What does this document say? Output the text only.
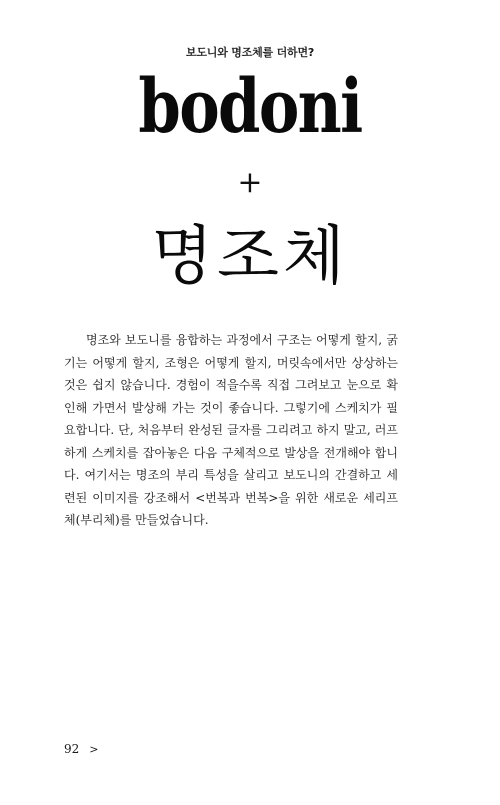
보도니와 명조체를 더하면?
bodoni
+
명조체

명조와 보도니를 융합하는 과정에서 구조는 어떻게 할지, 굵기는 어떻게 할지, 조형은 어떻게 할지, 머릿속에서만 상상하는 것은 쉽지 않습니다. 경험이 적을수록 직접 그려보고 눈으로 확인해 가면서 발상해 가는 것이 좋습니다. 그렇기에 스케치가 필요합니다. 단, 처음부터 완성된 글자를 그리려고 하지 말고, 러프하게 스케치를 잡아놓은 다음 구체적으로 발상을 전개해야 합니다. 여기서는 명조의 부리 특성을 살리고 보도니의 간결하고 세련된 이미지를 강조해서 <번복과 번복>을 위한 새로운 세리프체(부리체)를 만들었습니다.

92 >
